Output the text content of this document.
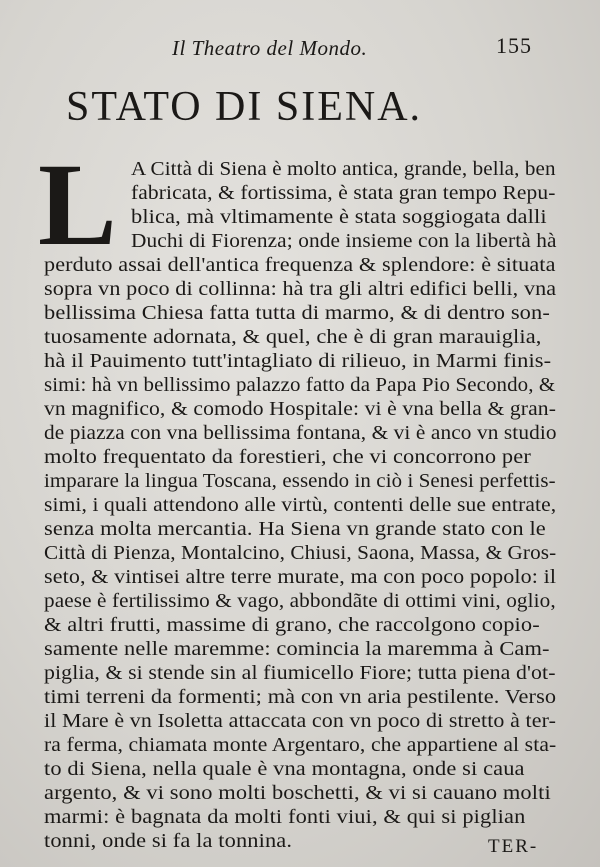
Il Theatro del Mondo.	155
STATO DI SIENA.
L A Città di Siena è molto antica, grande, bella, ben
fabricata, & fortissima, è stata gran tempo Repu-
blica, mà vltimamente è stata soggiogata dalli
Duchi di Fiorenza; onde insieme con la libertà hà
perduto assai dell'antica frequenza & splendore: è situata
sopra vn poco di collinna: hà tra gli altri edifici belli, vna
bellissima Chiesa fatta tutta di marmo, & di dentro son-
tuosamente adornata, & quel, che è di gran marauiglia,
hà il Pauimento tutt'intagliato di rilieuo, in Marmi finis-
simi: hà vn bellissimo palazzo fatto da Papa Pio Secondo, &
vn magnifico, & comodo Hospitale: vi è vna bella & gran-
de piazza con vna bellissima fontana, & vi è anco vn studio
molto frequentato da forestieri, che vi concorrono per
imparare la lingua Toscana, essendo in ciò i Senesi perfettis-
simi, i quali attendono alle virtù, contenti delle sue entrate,
senza molta mercantia. Ha Siena vn grande stato con le
Città di Pienza, Montalcino, Chiusi, Saona, Massa, & Gros-
seto, & vintisei altre terre murate, ma con poco popolo: il
paese è fertilissimo & vago, abbondãte di ottimi vini, oglio,
& altri frutti, massime di grano, che raccolgono copio-
samente nelle maremme: comincia la maremma à Cam-
piglia, & si stende sin al fiumicello Fiore; tutta piena d'ot-
timi terreni da formenti; mà con vn aria pestilente. Verso
il Mare è vn Isoletta attaccata con vn poco di stretto à ter-
ra ferma, chiamata monte Argentaro, che appartiene al sta-
to di Siena, nella quale è vna montagna, onde si caua
argento, & vi sono molti boschetti, & vi si cauano molti
marmi: è bagnata da molti fonti viui, & qui si piglian
tonni, onde si fa la tonnina.	TER-
